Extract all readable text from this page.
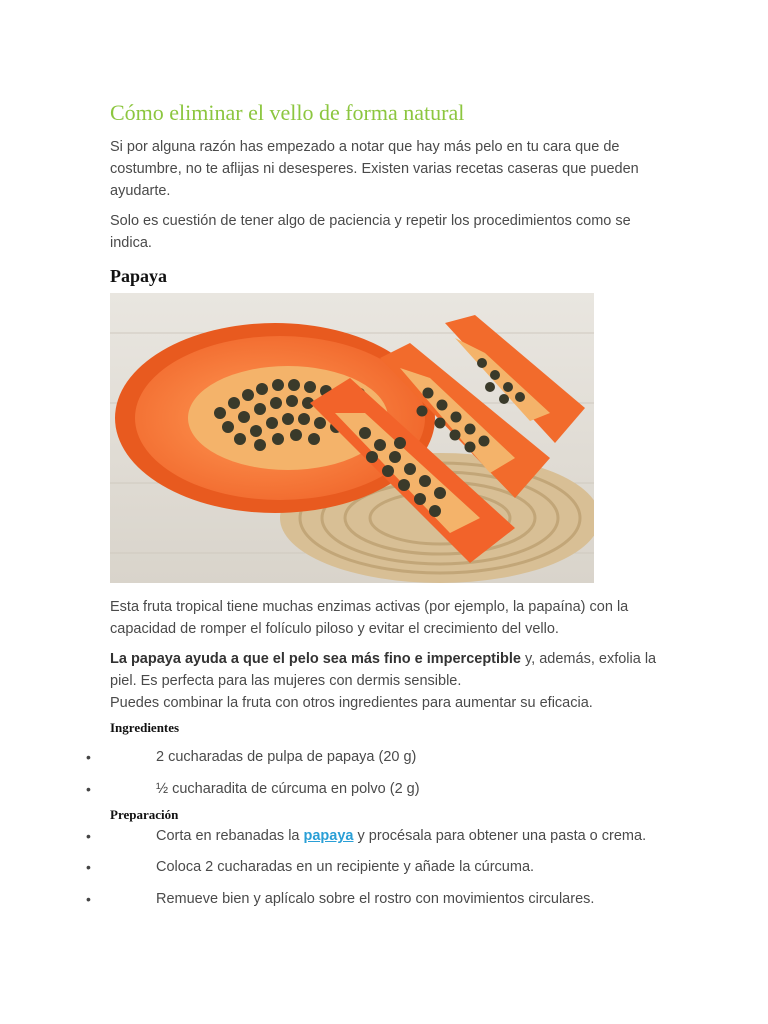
Cómo eliminar el vello de forma natural

Si por alguna razón has empezado a notar que hay más pelo en tu cara que de costumbre, no te aflijas ni desesperes. Existen varias recetas caseras que pueden ayudarte.

Solo es cuestión de tener algo de paciencia y repetir los procedimientos como se indica.

Papaya

Esta fruta tropical tiene muchas enzimas activas (por ejemplo, la papaína) con la capacidad de romper el folículo piloso y evitar el crecimiento del vello.

La papaya ayuda a que el pelo sea más fino e imperceptible y, además, exfolia la piel. Es perfecta para las mujeres con dermis sensible.
Puedes combinar la fruta con otros ingredientes para aumentar su eficacia.

Ingredientes
•	2 cucharadas de pulpa de papaya (20 g)
•	½ cucharadita de cúrcuma en polvo (2 g)
Preparación
•	Corta en rebanadas la papaya y procésala para obtener una pasta o crema.
•	Coloca 2 cucharadas en un recipiente y añade la cúrcuma.
•	Remueve bien y aplícalo sobre el rostro con movimientos circulares.
